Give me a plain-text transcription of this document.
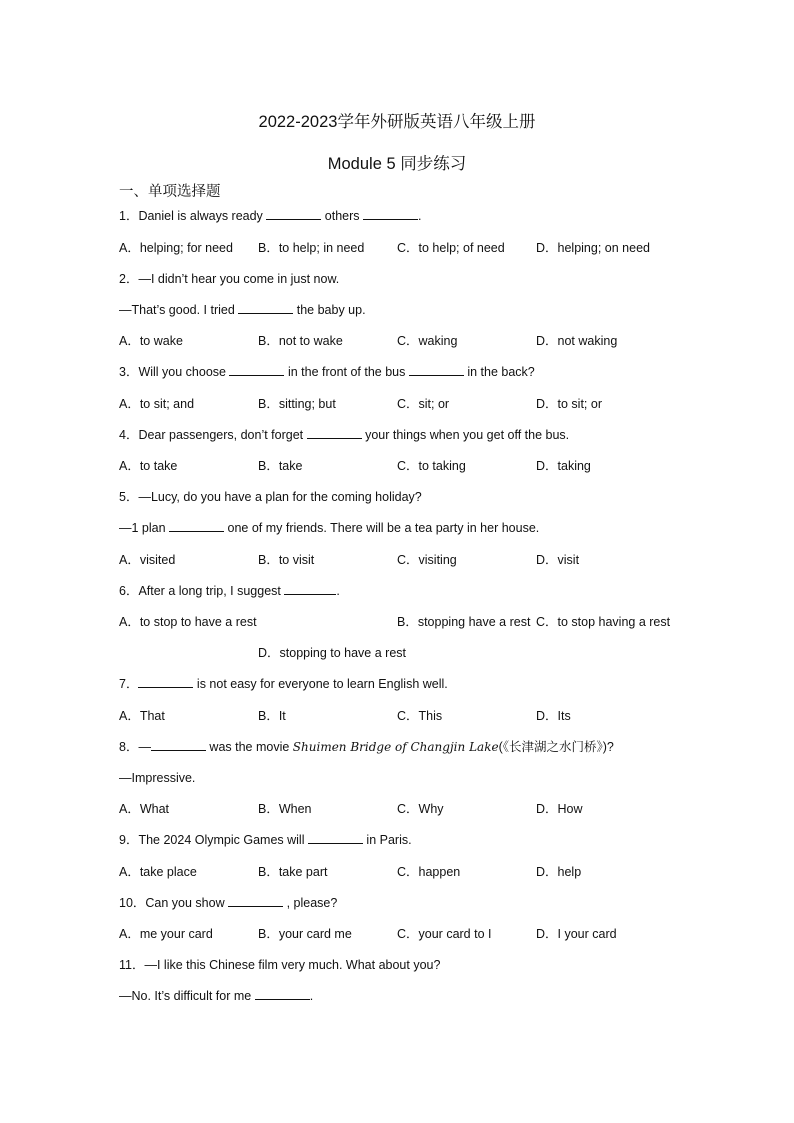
2022-2023学年外研版英语八年级上册
Module 5 同步练习
一、单项选择题
1．Daniel is always ready	others	.
A．helping; for need B．to help; in need	C．to help; of need	D．helping; on need
2．—I didn’t hear you come in just now.
—That’s good. I tried	the baby up.
A．to wake	B．not to wake	C．waking	D．not waking
3．Will you choose	in the front of the bus	in the back?
A．to sit; and	B．sitting; but	C．sit; or	D．to sit; or
4．Dear passengers, don’t forget	your things when you get off the bus.
A．to take	B．take	C．to taking	D．taking
5．—Lucy, do you have a plan for the coming holiday?
—1 plan	one of my friends. There will be a tea party in her house.
A．visited	B．to visit	C．visiting	D．visit
6．After a long trip, I suggest	.
A．to stop to have a rest	B．stopping have a rest C．to stop having a rest
D．stopping to have a rest
7．	is not easy for everyone to learn English well.
A．That	B．It	C．This	D．Its
8．—	was the movie Shuimen Bridge of Changjin Lake(《长津湖之水门桥》)?
—Impressive.
A．What	B．When	C．Why	D．How
9．The 2024 Olympic Games will	in Paris.
A．take place	B．take part	C．happen	D．help
10．Can you show	, please?
A．me your card	B．your card me	C．your card to I	D．I your card
11．—I like this Chinese film very much. What about you?
—No. It’s difficult for me	.
